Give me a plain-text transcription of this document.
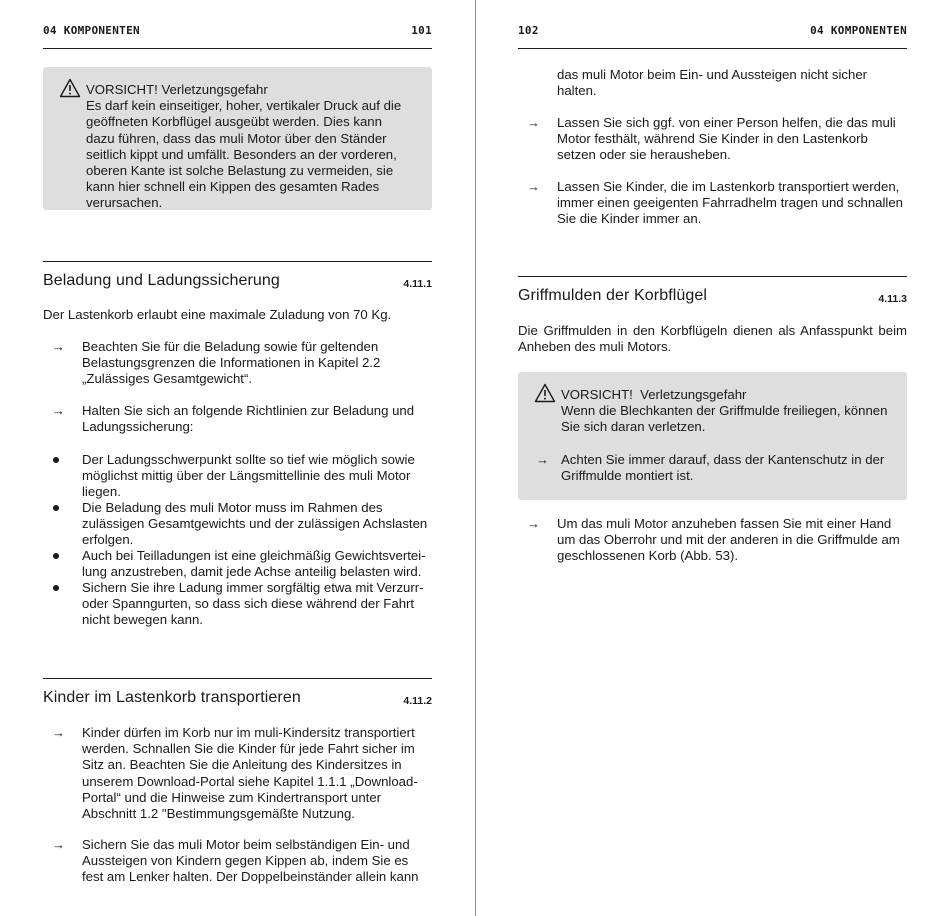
04 KOMPONENTEN	101
VORSICHT! Verletzungsgefahr
Es darf kein einseitiger, hoher, vertikaler Druck auf die geöffneten Korbflügel ausgeübt werden. Dies kann dazu führen, dass das muli Motor über den Ständer seitlich kippt und umfällt. Besonders an der vorderen, oberen Kante ist solche Belastung zu vermeiden, sie kann hier schnell ein Kippen des gesamten Rades verursachen.
Beladung und Ladungssicherung	4.11.1
Der Lastenkorb erlaubt eine maximale Zuladung von 70 Kg.
→	Beachten Sie für die Beladung sowie für geltenden Belastungsgrenzen die Informationen in Kapitel 2.2 „Zulässiges Gesamtgewicht“.
→	Halten Sie sich an folgende Richtlinien zur Beladung und Ladungssicherung:
Der Ladungsschwerpunkt sollte so tief wie möglich sowie möglichst mittig über der Längsmittellinie des muli Motor liegen.
Die Beladung des muli Motor muss im Rahmen des zulässigen Gesamtgewichts und der zulässigen Achslasten erfolgen.
Auch bei Teilladungen ist eine gleichmäßig Gewichtsvertei-lung anzustreben, damit jede Achse anteilig belasten wird.
Sichern Sie ihre Ladung immer sorgfältig etwa mit Verzurr- oder Spanngurten, so dass sich diese während der Fahrt nicht bewegen kann.
Kinder im Lastenkorb transportieren	4.11.2
→	Kinder dürfen im Korb nur im muli-Kindersitz transportiert werden. Schnallen Sie die Kinder für jede Fahrt sicher im Sitz an. Beachten Sie die Anleitung des Kindersitzes in unserem Download-Portal siehe Kapitel 1.1.1 „Download-Portal“ und die Hinweise zum Kindertransport unter Abschnitt 1.2 "Bestimmungsgemäßte Nutzung.
→	Sichern Sie das muli Motor beim selbständigen Ein- und Aussteigen von Kindern gegen Kippen ab, indem Sie es fest am Lenker halten. Der Doppelbeinständer allein kann
102	04 KOMPONENTEN
das muli Motor beim Ein- und Aussteigen nicht sicher halten.
→	Lassen Sie sich ggf. von einer Person helfen, die das muli Motor festhält, während Sie Kinder in den Lastenkorb setzen oder sie herausheben.
→	Lassen Sie Kinder, die im Lastenkorb transportiert werden, immer einen geeigenten Fahrradhelm tragen und schnallen Sie die Kinder immer an.
Griffmulden der Korbflügel	4.11.3
Die Griffmulden in den Korbflügeln dienen als Anfasspunkt beim Anheben des muli Motors.
VORSICHT!  Verletzungsgefahr
Wenn die Blechkanten der Griffmulde freiliegen, können Sie sich daran verletzen.
→ Achten Sie immer darauf, dass der Kantenschutz in der Griffmulde montiert ist.
→	Um das muli Motor anzuheben fassen Sie mit einer Hand um das Oberrohr und mit der anderen in die Griffmulde am geschlossenen Korb (Abb. 53).
